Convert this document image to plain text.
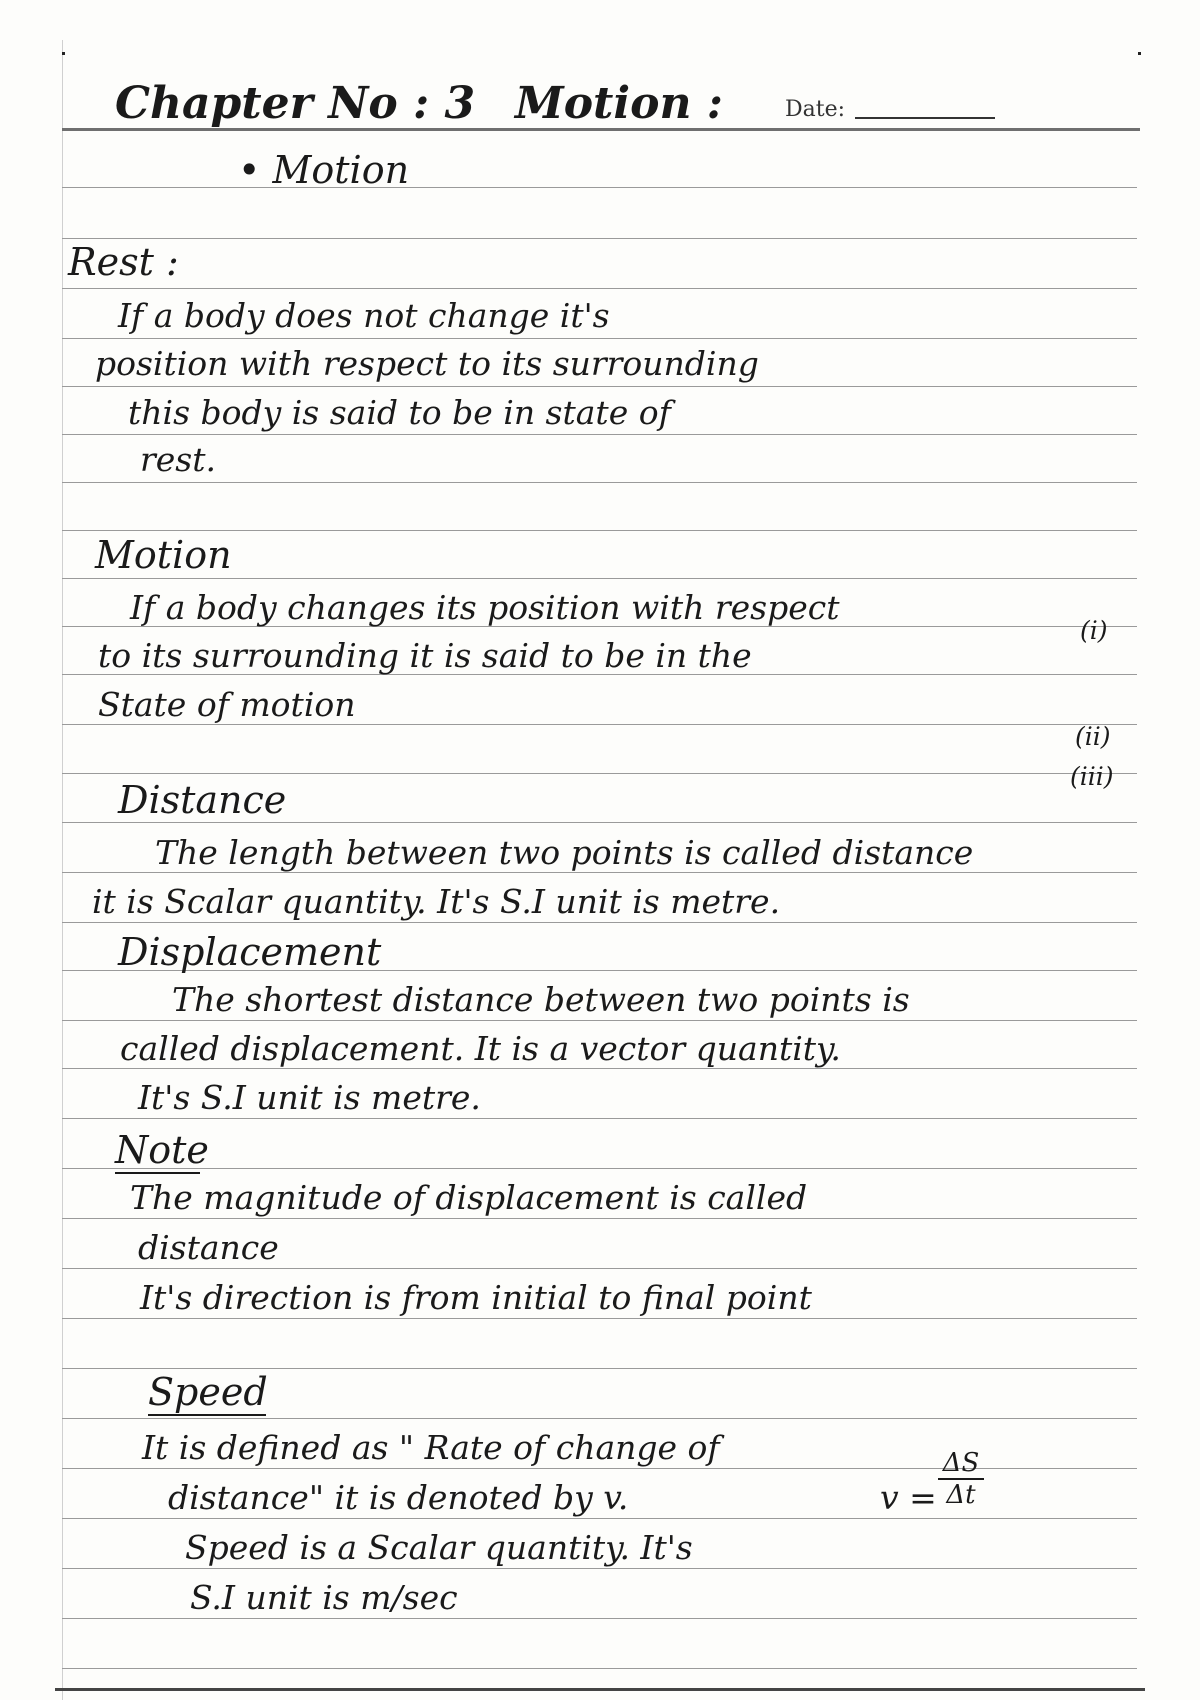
Chapter No : 3 Motion :	Date:
• Motion
Rest :
If a body does not change it's
position with respect to its surrounding
this body is said to be in state of
rest.
Motion
If a body changes its position with respect
to its surrounding it is said to be in the
State of motion
(i)
(ii)
(iii)
Distance
The length between two points is called distance
it is Scalar quantity. It's S.I unit is metre.
Displacement
The shortest distance between two points is
called displacement. It is a vector quantity.
It's S.I unit is metre.
Note
The magnitude of displacement is called
distance
It's direction is from initial to final point
Speed
It is defined as " Rate of change of
distance" it is denoted by v.	$v = \frac{\Delta S}{\Delta t}$
Speed is a Scalar quantity. It's
S.I unit is m/sec
